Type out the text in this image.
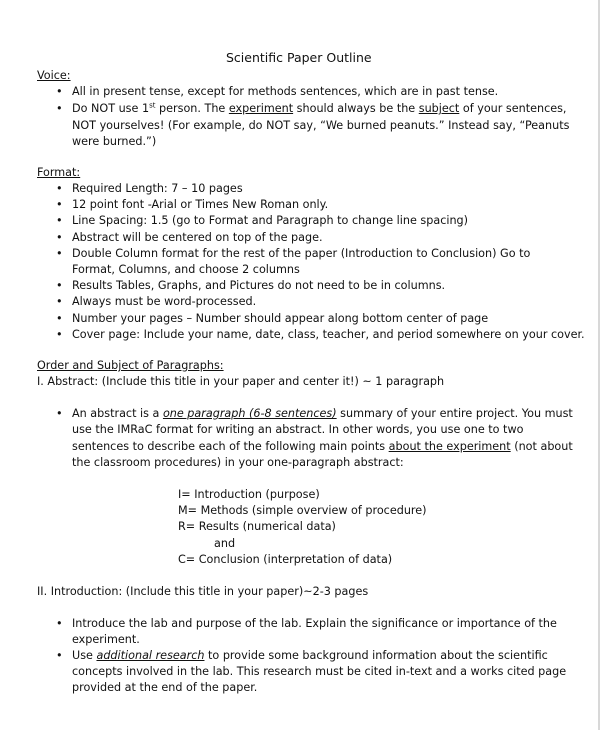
Scientific Paper Outline
Voice:
• All in present tense, except for methods sentences, which are in past tense.
• Do NOT use 1st person. The experiment should always be the subject of your sentences,
NOT yourselves! (For example, do NOT say, “We burned peanuts.” Instead say, “Peanuts
were burned.”)
Format:
• Required Length: 7 – 10 pages
• 12 point font -Arial or Times New Roman only.
• Line Spacing: 1.5 (go to Format and Paragraph to change line spacing)
• Abstract will be centered on top of the page.
• Double Column format for the rest of the paper (Introduction to Conclusion) Go to
Format, Columns, and choose 2 columns
• Results Tables, Graphs, and Pictures do not need to be in columns.
• Always must be word-processed.
• Number your pages – Number should appear along bottom center of page
• Cover page: Include your name, date, class, teacher, and period somewhere on your cover.
Order and Subject of Paragraphs:
I. Abstract: (Include this title in your paper and center it!) ~ 1 paragraph
• An abstract is a one paragraph (6-8 sentences) summary of your entire project. You must
use the IMRaC format for writing an abstract. In other words, you use one to two
sentences to describe each of the following main points about the experiment (not about
the classroom procedures) in your one-paragraph abstract:
I= Introduction (purpose)
M= Methods (simple overview of procedure)
R= Results (numerical data)
and
C= Conclusion (interpretation of data)
II. Introduction: (Include this title in your paper)~2-3 pages
• Introduce the lab and purpose of the lab. Explain the significance or importance of the
experiment.
• Use additional research to provide some background information about the scientific
concepts involved in the lab. This research must be cited in-text and a works cited page
provided at the end of the paper.
